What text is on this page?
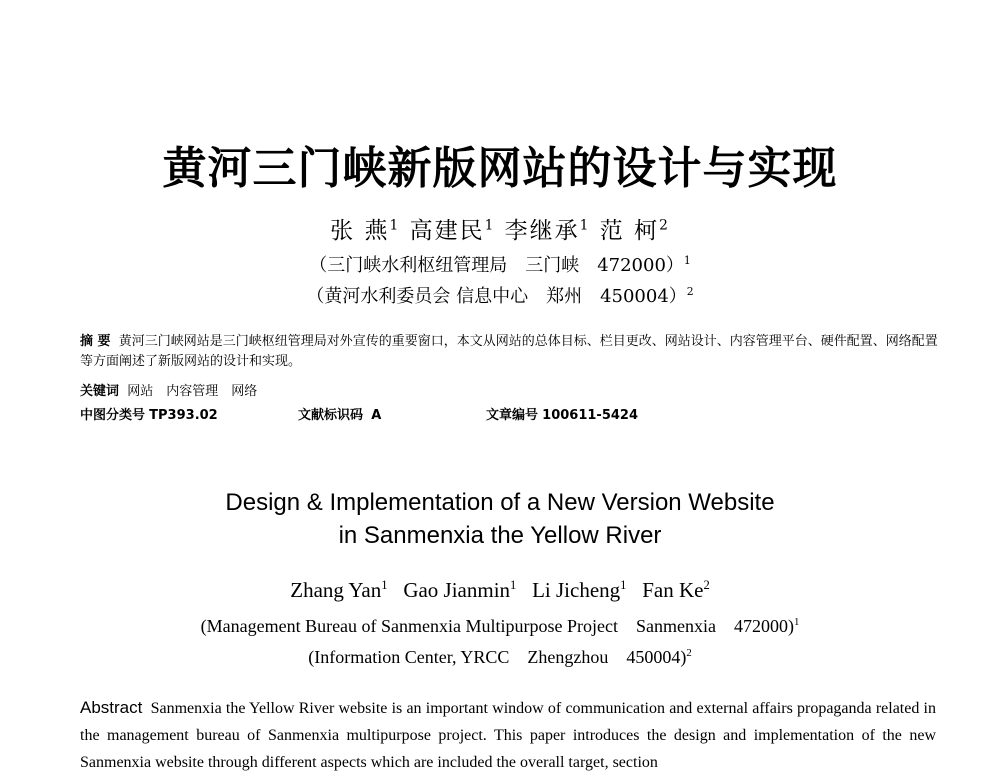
黄河三门峡新版网站的设计与实现
张 燕$^1$ 高建民$^1$ 李继承$^1$ 范 柯$^2$
（三门峡水利枢纽管理局　三门峡　472000）$^1$
（黄河水利委员会 信息中心　郑州　450004）$^2$
摘 要 黄河三门峡网站是三门峡枢纽管理局对外宣传的重要窗口，本文从网站的总体目标、栏目更改、网站设计、内容管理平台、硬件配置、网络配置等方面阐述了新版网站的设计和实现。
关键词 网站　内容管理　网络
中图分类号 TP393.02	文献标识码 A	文章编号 100611-5424
Design & Implementation of a New Version Website
in Sanmenxia the Yellow River
Zhang Yan$^1$ Gao Jianmin$^1$ Li Jicheng$^1$ Fan Ke$^2$
(Management Bureau of Sanmenxia Multipurpose Project　Sanmenxia　472000)$^1$
(Information Center, YRCC　Zhengzhou　450004)$^2$
Abstract Sanmenxia the Yellow River website is an important window of communication and external affairs propaganda related in the management bureau of Sanmenxia multipurpose project. This paper introduces the design and implementation of the new Sanmenxia website through different aspects which are included the overall target, section
